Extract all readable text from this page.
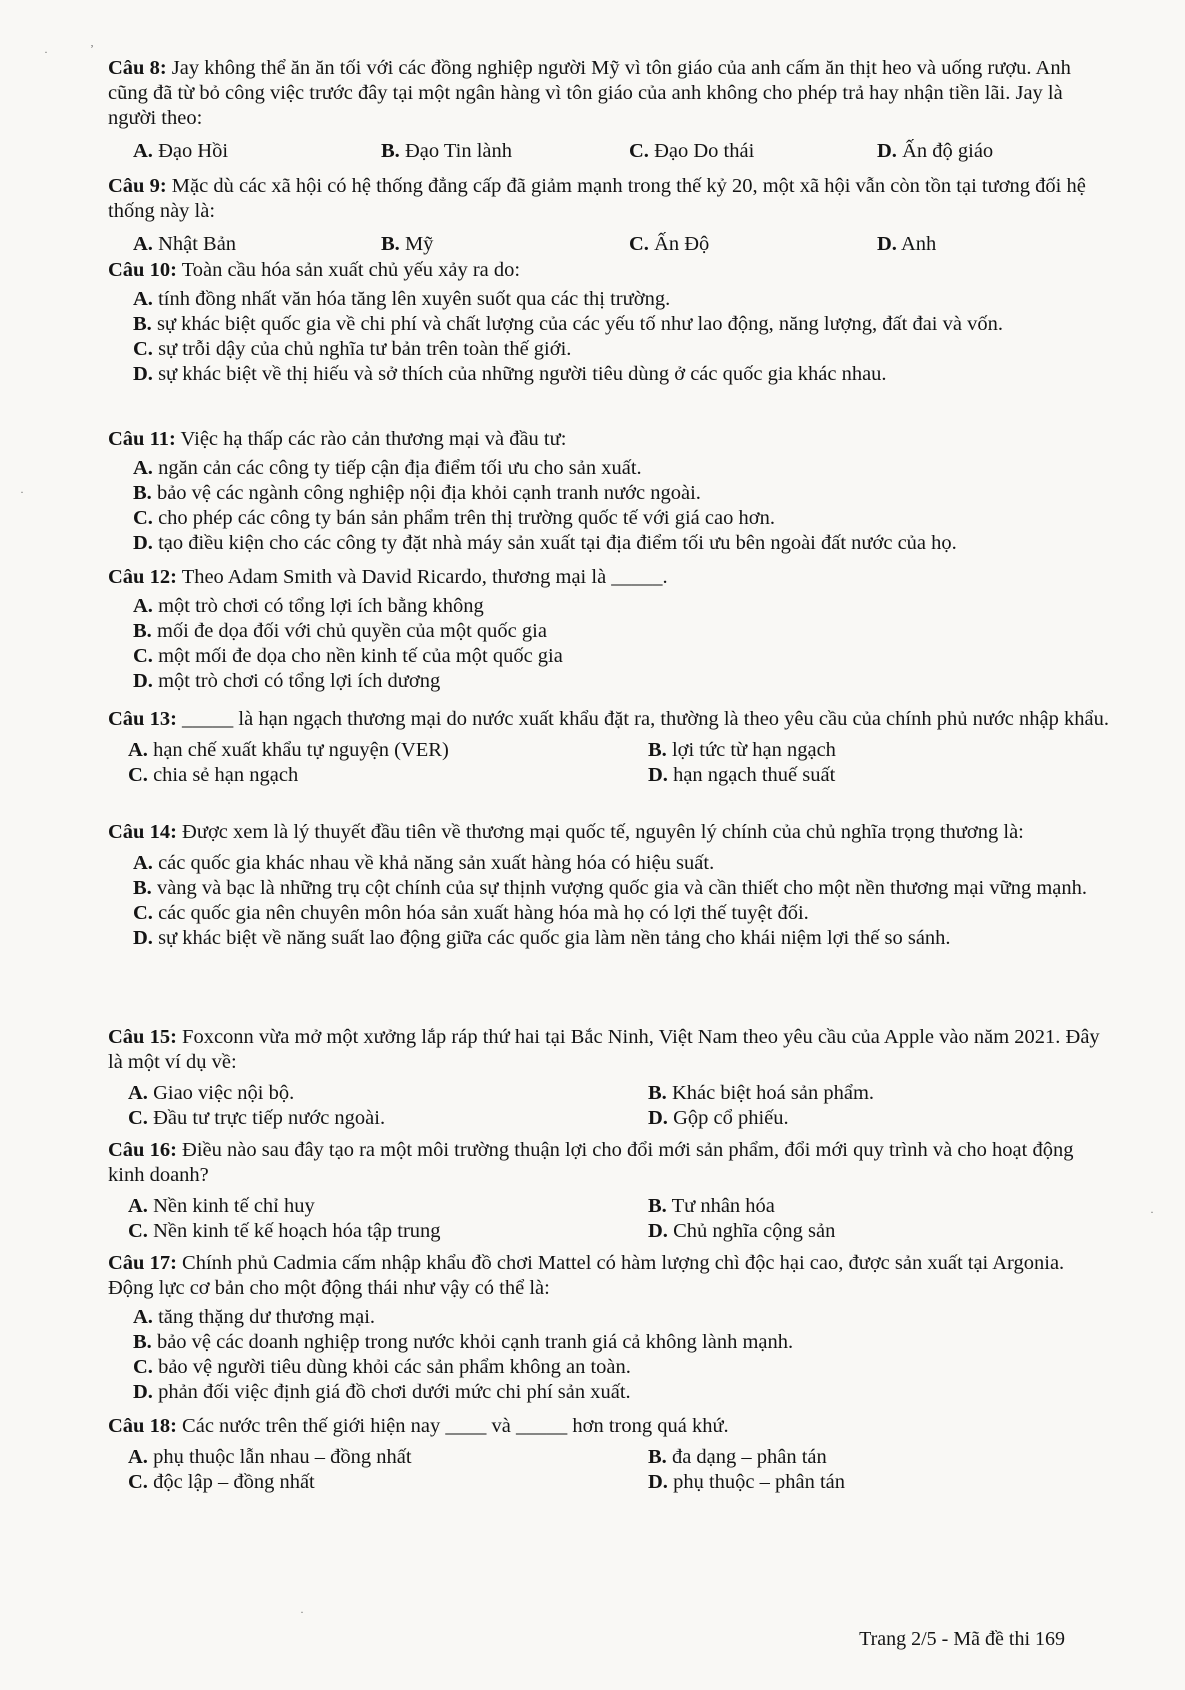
Câu 8: Jay không thể ăn ăn tối với các đồng nghiệp người Mỹ vì tôn giáo của anh cấm ăn thịt heo và uống rượu. Anh cũng đã từ bỏ công việc trước đây tại một ngân hàng vì tôn giáo của anh không cho phép trả hay nhận tiền lãi. Jay là người theo:

A. Đạo Hồi	B. Đạo Tin lành	C. Đạo Do thái	D. Ấn độ giáo

Câu 9: Mặc dù các xã hội có hệ thống đẳng cấp đã giảm mạnh trong thế kỷ 20, một xã hội vẫn còn tồn tại tương đối hệ thống này là:

A. Nhật Bản	B. Mỹ	C. Ấn Độ	D. Anh

Câu 10: Toàn cầu hóa sản xuất chủ yếu xảy ra do:

A. tính đồng nhất văn hóa tăng lên xuyên suốt qua các thị trường.
B. sự khác biệt quốc gia về chi phí và chất lượng của các yếu tố như lao động, năng lượng, đất đai và vốn.
C. sự trỗi dậy của chủ nghĩa tư bản trên toàn thế giới.
D. sự khác biệt về thị hiếu và sở thích của những người tiêu dùng ở các quốc gia khác nhau.

Câu 11: Việc hạ thấp các rào cản thương mại và đầu tư:

A. ngăn cản các công ty tiếp cận địa điểm tối ưu cho sản xuất.
B. bảo vệ các ngành công nghiệp nội địa khỏi cạnh tranh nước ngoài.
C. cho phép các công ty bán sản phẩm trên thị trường quốc tế với giá cao hơn.
D. tạo điều kiện cho các công ty đặt nhà máy sản xuất tại địa điểm tối ưu bên ngoài đất nước của họ.

Câu 12: Theo Adam Smith và David Ricardo, thương mại là _____.

A. một trò chơi có tổng lợi ích bằng không
B. mối đe dọa đối với chủ quyền của một quốc gia
C. một mối đe dọa cho nền kinh tế của một quốc gia
D. một trò chơi có tổng lợi ích dương

Câu 13: _____ là hạn ngạch thương mại do nước xuất khẩu đặt ra, thường là theo yêu cầu của chính phủ nước nhập khẩu.

A. hạn chế xuất khẩu tự nguyện (VER)	B. lợi tức từ hạn ngạch
C. chia sẻ hạn ngạch	D. hạn ngạch thuế suất

Câu 14: Được xem là lý thuyết đầu tiên về thương mại quốc tế, nguyên lý chính của chủ nghĩa trọng thương là:

A. các quốc gia khác nhau về khả năng sản xuất hàng hóa có hiệu suất.
B. vàng và bạc là những trụ cột chính của sự thịnh vượng quốc gia và cần thiết cho một nền thương mại vững mạnh.
C. các quốc gia nên chuyên môn hóa sản xuất hàng hóa mà họ có lợi thế tuyệt đối.
D. sự khác biệt về năng suất lao động giữa các quốc gia làm nền tảng cho khái niệm lợi thế so sánh.

Câu 15: Foxconn vừa mở một xưởng lắp ráp thứ hai tại Bắc Ninh, Việt Nam theo yêu cầu của Apple vào năm 2021. Đây là một ví dụ về:

A. Giao việc nội bộ.	B. Khác biệt hoá sản phẩm.
C. Đầu tư trực tiếp nước ngoài.	D. Gộp cổ phiếu.

Câu 16: Điều nào sau đây tạo ra một môi trường thuận lợi cho đổi mới sản phẩm, đổi mới quy trình và cho hoạt động kinh doanh?

A. Nền kinh tế chỉ huy	B. Tư nhân hóa
C. Nền kinh tế kế hoạch hóa tập trung	D. Chủ nghĩa cộng sản

Câu 17: Chính phủ Cadmia cấm nhập khẩu đồ chơi Mattel có hàm lượng chì độc hại cao, được sản xuất tại Argonia. Động lực cơ bản cho một động thái như vậy có thể là:

A. tăng thặng dư thương mại.
B. bảo vệ các doanh nghiệp trong nước khỏi cạnh tranh giá cả không lành mạnh.
C. bảo vệ người tiêu dùng khỏi các sản phẩm không an toàn.
D. phản đối việc định giá đồ chơi dưới mức chi phí sản xuất.

Câu 18: Các nước trên thế giới hiện nay ____ và _____ hơn trong quá khứ.

A. phụ thuộc lẫn nhau – đồng nhất	B. đa dạng – phân tán
C. độc lập – đồng nhất	D. phụ thuộc – phân tán
Trang 2/5 - Mã đề thi 169
·
‚
·
·
·
